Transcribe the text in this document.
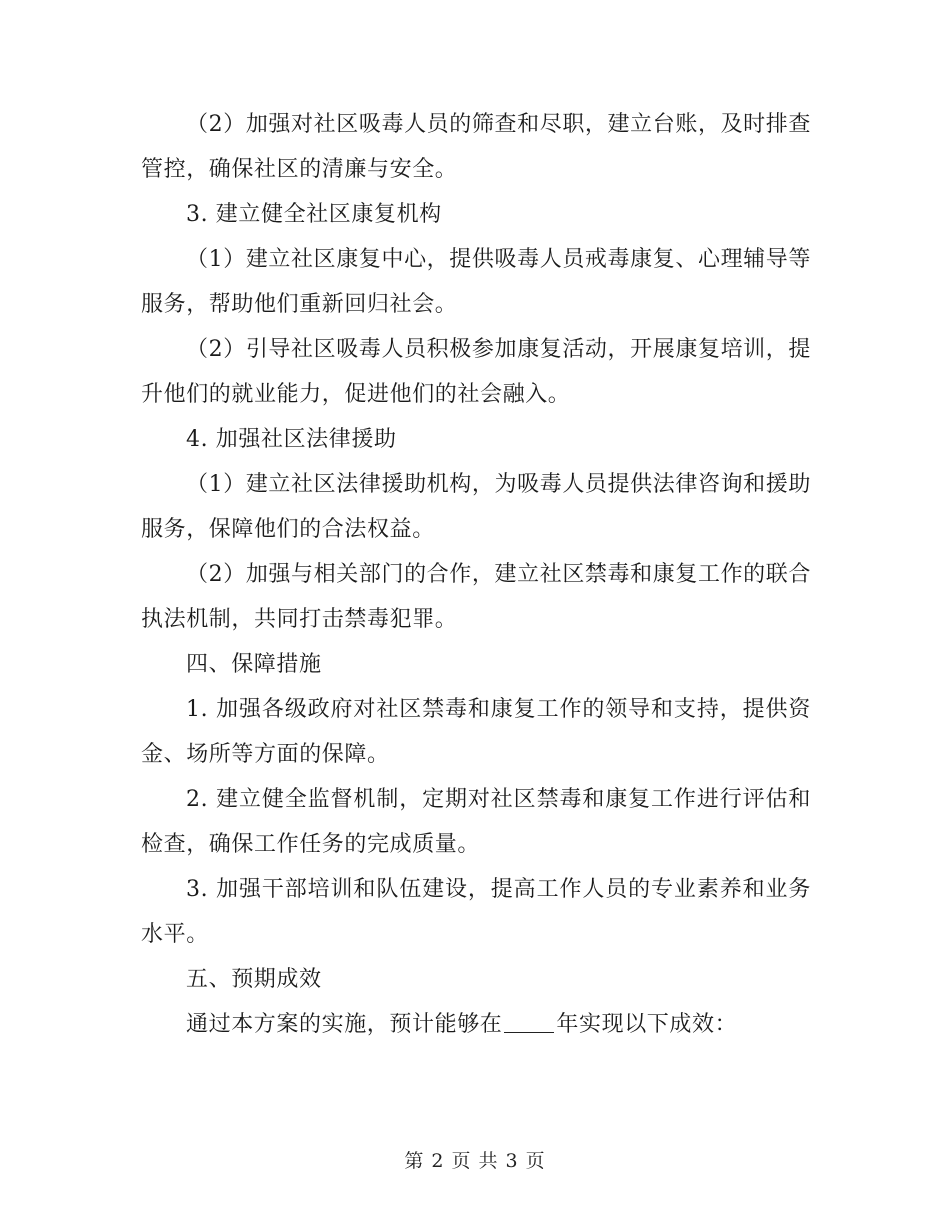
（2）加强对社区吸毒人员的筛查和尽职，建立台账，及时排查管控，确保社区的清廉与安全。

3. 建立健全社区康复机构

（1）建立社区康复中心，提供吸毒人员戒毒康复、心理辅导等服务，帮助他们重新回归社会。

（2）引导社区吸毒人员积极参加康复活动，开展康复培训，提升他们的就业能力，促进他们的社会融入。

4. 加强社区法律援助

（1）建立社区法律援助机构，为吸毒人员提供法律咨询和援助服务，保障他们的合法权益。

（2）加强与相关部门的合作，建立社区禁毒和康复工作的联合执法机制，共同打击禁毒犯罪。

四、保障措施

1. 加强各级政府对社区禁毒和康复工作的领导和支持，提供资金、场所等方面的保障。

2. 建立健全监督机制，定期对社区禁毒和康复工作进行评估和检查，确保工作任务的完成质量。

3. 加强干部培训和队伍建设，提高工作人员的专业素养和业务水平。

五、预期成效

通过本方案的实施，预计能够在 年实现以下成效：

第 2 页 共 3 页
